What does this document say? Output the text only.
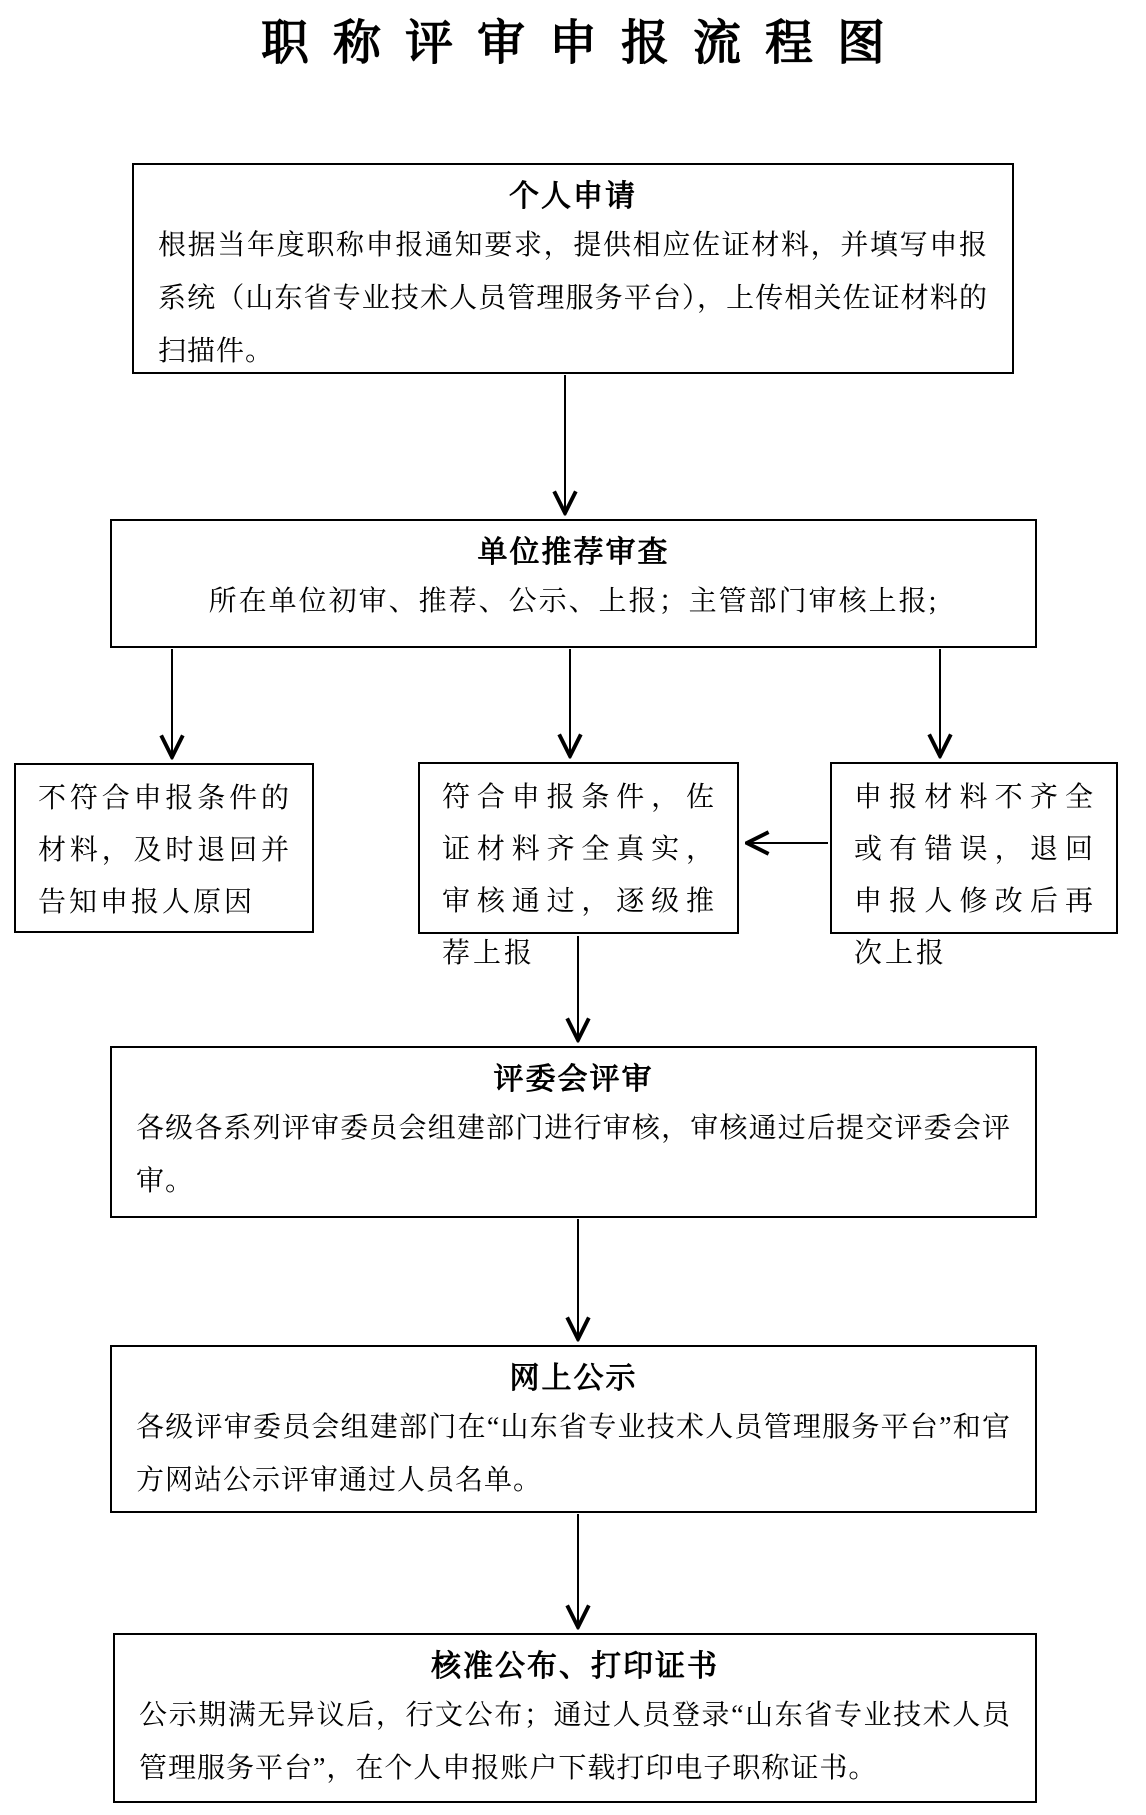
职称评审申报流程图
个人申请
根据当年度职称申报通知要求，提供相应佐证材料，并填写申报系统（山东省专业技术人员管理服务平台），上传相关佐证材料的扫描件。
单位推荐审查
所在单位初审、推荐、公示、上报；主管部门审核上报;
不符合申报条件的材料，及时退回并告知申报人原因
符合申报条件，佐证材料齐全真实，审核通过，逐级推荐上报
申报材料不齐全或有错误，退回申报人修改后再次上报
评委会评审
各级各系列评审委员会组建部门进行审核，审核通过后提交评委会评审。
网上公示
各级评审委员会组建部门在“山东省专业技术人员管理服务平台”和官方网站公示评审通过人员名单。
核准公布、打印证书
公示期满无异议后，行文公布；通过人员登录“山东省专业技术人员管理服务平台”，在个人申报账户下载打印电子职称证书。
